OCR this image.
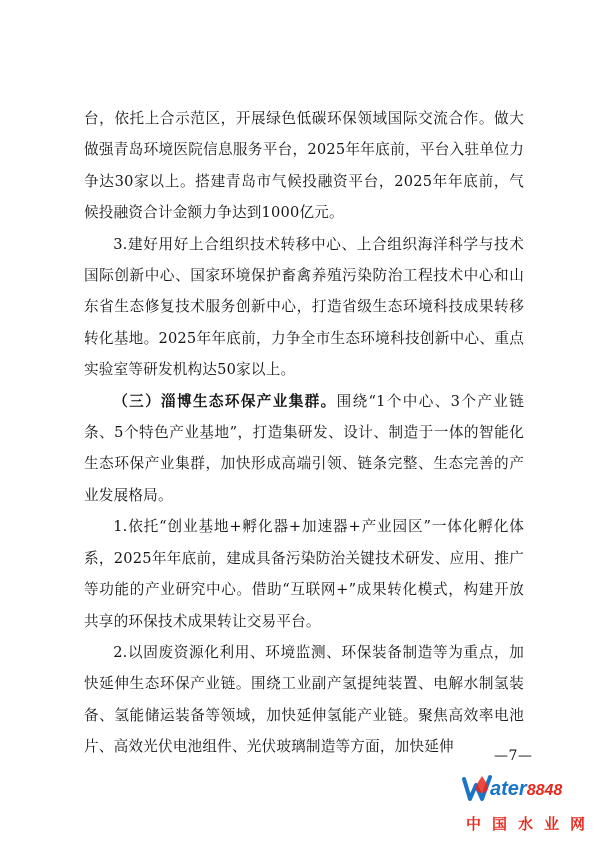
台，依托上合示范区，开展绿色低碳环保领域国际交流合作。做大做强青岛环境医院信息服务平台，2025年年底前，平台入驻单位力争达30家以上。搭建青岛市气候投融资平台，2025年年底前，气候投融资合计金额力争达到1000亿元。

3.建好用好上合组织技术转移中心、上合组织海洋科学与技术国际创新中心、国家环境保护畜禽养殖污染防治工程技术中心和山东省生态修复技术服务创新中心，打造省级生态环境科技成果转移转化基地。2025年年底前，力争全市生态环境科技创新中心、重点实验室等研发机构达50家以上。

（三）淄博生态环保产业集群。围绕“1个中心、3个产业链条、5个特色产业基地”，打造集研发、设计、制造于一体的智能化生态环保产业集群，加快形成高端引领、链条完整、生态完善的产业发展格局。

1.依托“创业基地+孵化器+加速器+产业园区”一体化孵化体系，2025年年底前，建成具备污染防治关键技术研发、应用、推广等功能的产业研究中心。借助“互联网+”成果转化模式，构建开放共享的环保技术成果转让交易平台。

2.以固废资源化利用、环境监测、环保装备制造等为重点，加快延伸生态环保产业链。围绕工业副产氢提纯装置、电解水制氢装备、氢能储运装备等领域，加快延伸氢能产业链。聚焦高效率电池片、高效光伏电池组件、光伏玻璃制造等方面，加快延伸

—7—
ater8848
中国水业网
